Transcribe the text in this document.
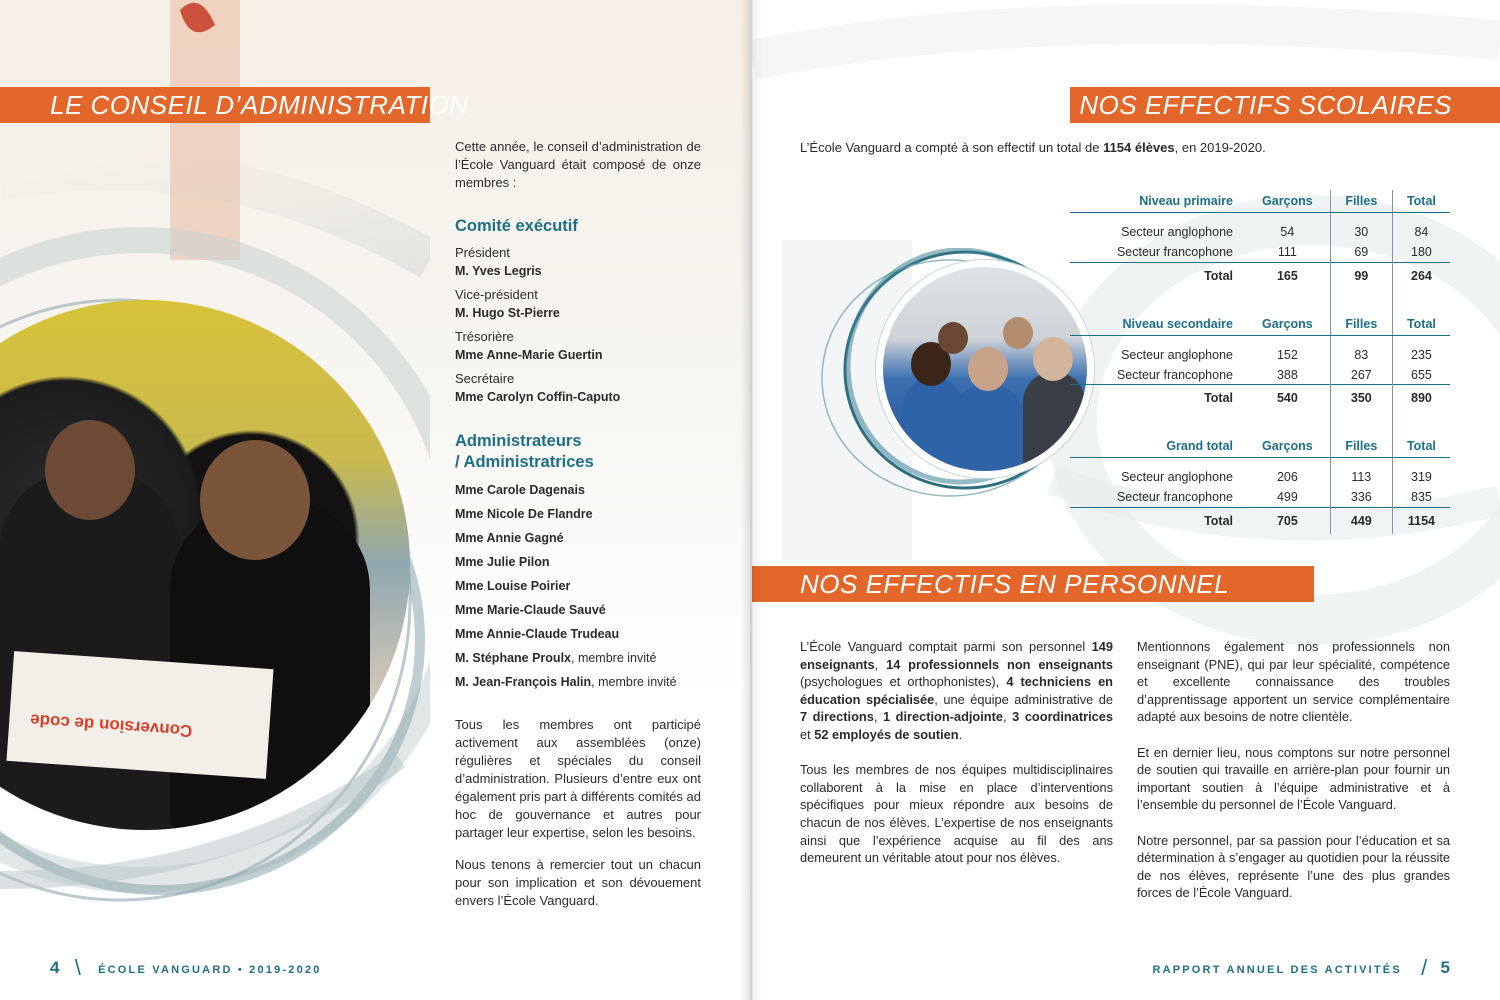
Conversion de code
LE CONSEIL D’ADMINISTRATION

Cette année, le conseil d’administration de l’École Vanguard était composé de onze membres :

Comité exécutif
Président
M. Yves Legris
Vice-président
M. Hugo St-Pierre
Trésorière
Mme Anne-Marie Guertin
Secrétaire
Mme Carolyn Coffin-Caputo
Administrateurs
/ Administratrices
Mme Carole Dagenais
Mme Nicole De Flandre
Mme Annie Gagné
Mme Julie Pilon
Mme Louise Poirier
Mme Marie-Claude Sauvé
Mme Annie-Claude Trudeau
M. Stéphane Proulx, membre invité
M. Jean-François Halin, membre invité

Tous les membres ont participé activement aux assemblées (onze) régulières et spéciales du conseil d’administration. Plusieurs d’entre eux ont également pris part à différents comités ad hoc de gouvernance et autres pour partager leur expertise, selon les besoins.

Nous tenons à remercier tout un chacun pour son implication et son dévouement envers l’École Vanguard.

4 \ ÉCOLE VANGUARD • 2019-2020
NOS EFFECTIFS SCOLAIRES

L’École Vanguard a compté à son effectif un total de 1154 élèves, en 2019-2020.

Niveau primaire	Garçons	Filles	Total
Secteur anglophone	54	30	84
Secteur francophone	111	69	180
Total	165	99	264

Niveau secondaire	Garçons	Filles	Total
Secteur anglophone	152	83	235
Secteur francophone	388	267	655
Total	540	350	890

Grand total	Garçons	Filles	Total
Secteur anglophone	206	113	319
Secteur francophone	499	336	835
Total	705	449	1154
NOS EFFECTIFS EN PERSONNEL

L’École Vanguard comptait parmi son personnel 149 enseignants, 14 professionnels non enseignants (psychologues et orthophonistes), 4 techniciens en éducation spécialisée, une équipe administrative de 7 directions, 1 direction-adjointe, 3 coordinatrices et 52 employés de soutien.

Tous les membres de nos équipes multidisciplinaires collaborent à la mise en place d’interventions spécifiques pour mieux répondre aux besoins de chacun de nos élèves. L’expertise de nos enseignants ainsi que l’expérience acquise au fil des ans demeurent un véritable atout pour nos élèves.

Mentionnons également nos professionnels non enseignant (PNE), qui par leur spécialité, compétence et excellente connaissance des troubles d’apprentissage apportent un service complémentaire adapté aux besoins de notre clientèle.

Et en dernier lieu, nous comptons sur notre personnel de soutien qui travaille en arrière-plan pour fournir un important soutien à l’équipe administrative et à l’ensemble du personnel de l’École Vanguard.

Notre personnel, par sa passion pour l’éducation et sa détermination à s’engager au quotidien pour la réussite de nos élèves, représente l’une des plus grandes forces de l’École Vanguard.

RAPPORT ANNUEL DES ACTIVITÉS / 5
